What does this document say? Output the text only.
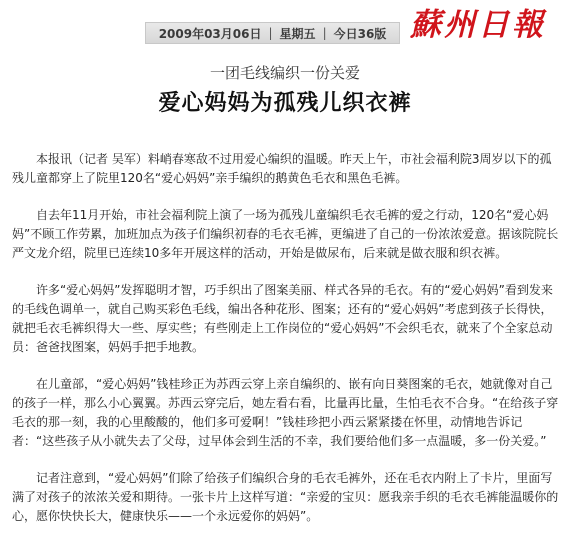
2009年03月06日 | 星期五 | 今日36版 蘇州日報
一团毛线编织一份关爱
爱心妈妈为孤残儿织衣裤

本报讯（记者 吴军）料峭春寒敌不过用爱心编织的温暖。昨天上午，市社会福利院3周岁以下的孤残儿童都穿上了院里120名“爱心妈妈”亲手编织的鹅黄色毛衣和黑色毛裤。

自去年11月开始，市社会福利院上演了一场为孤残儿童编织毛衣毛裤的爱之行动，120名“爱心妈妈”不顾工作劳累，加班加点为孩子们编织初春的毛衣毛裤，更编进了自己的一份浓浓爱意。据该院院长严文龙介绍，院里已连续10多年开展这样的活动，开始是做尿布，后来就是做衣服和织衣裤。

许多“爱心妈妈”发挥聪明才智，巧手织出了图案美丽、样式各异的毛衣。有的“爱心妈妈”看到发来的毛线色调单一，就自己购买彩色毛线，编出各种花形、图案；还有的“爱心妈妈”考虑到孩子长得快，就把毛衣毛裤织得大一些、厚实些；有些刚走上工作岗位的“爱心妈妈”不会织毛衣，就来了个全家总动员：爸爸找图案，妈妈手把手地教。

在儿童部，“爱心妈妈”钱桂珍正为苏西云穿上亲自编织的、嵌有向日葵图案的毛衣，她就像对自己的孩子一样，那么小心翼翼。苏西云穿完后，她左看右看，比量再比量，生怕毛衣不合身。“在给孩子穿毛衣的那一刻，我的心里酸酸的，他们多可爱啊！”钱桂珍把小西云紧紧搂在怀里，动情地告诉记者：“这些孩子从小就失去了父母，过早体会到生活的不幸，我们要给他们多一点温暖，多一份关爱。”

记者注意到，“爱心妈妈”们除了给孩子们编织合身的毛衣毛裤外，还在毛衣内附上了卡片，里面写满了对孩子的浓浓关爱和期待。一张卡片上这样写道：“亲爱的宝贝：愿我亲手织的毛衣毛裤能温暖你的心，愿你快快长大，健康快乐——一个永远爱你的妈妈”。
